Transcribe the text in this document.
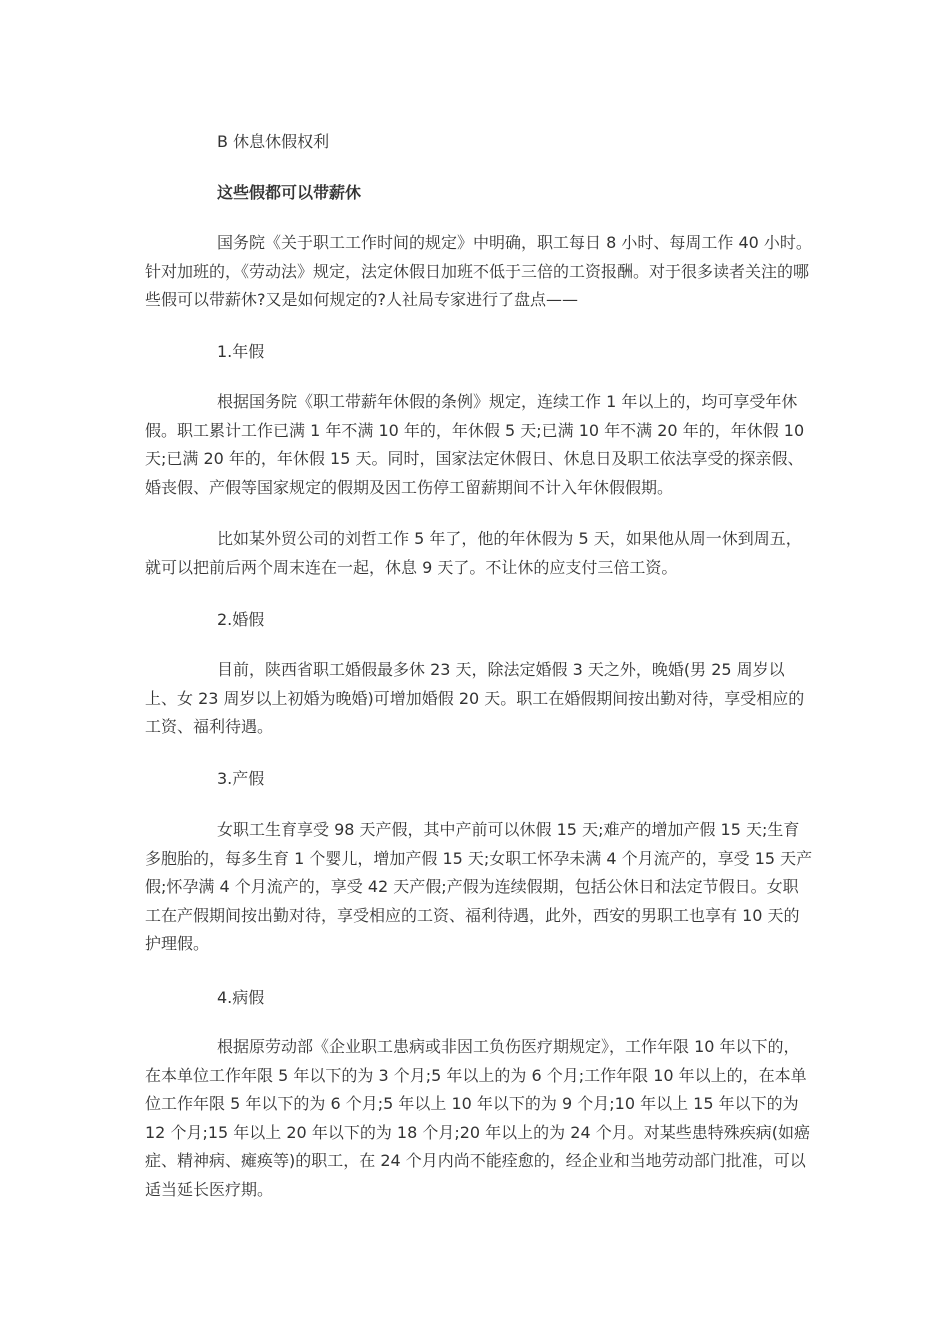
B 休息休假权利

这些假都可以带薪休

国务院《关于职工工作时间的规定》中明确，职工每日 8 小时、每周工作 40 小时。针对加班的，《劳动法》规定，法定休假日加班不低于三倍的工资报酬。对于很多读者关注的哪些假可以带薪休?又是如何规定的?人社局专家进行了盘点——

1.年假

根据国务院《职工带薪年休假的条例》规定，连续工作 1 年以上的，均可享受年休假。职工累计工作已满 1 年不满 10 年的，年休假 5 天;已满 10 年不满 20 年的，年休假 10 天;已满 20 年的，年休假 15 天。同时，国家法定休假日、休息日及职工依法享受的探亲假、婚丧假、产假等国家规定的假期及因工伤停工留薪期间不计入年休假假期。

比如某外贸公司的刘哲工作 5 年了，他的年休假为 5 天，如果他从周一休到周五，就可以把前后两个周末连在一起，休息 9 天了。不让休的应支付三倍工资。

2.婚假

目前，陕西省职工婚假最多休 23 天，除法定婚假 3 天之外，晚婚(男 25 周岁以上、女 23 周岁以上初婚为晚婚)可增加婚假 20 天。职工在婚假期间按出勤对待，享受相应的工资、福利待遇。

3.产假

女职工生育享受 98 天产假，其中产前可以休假 15 天;难产的增加产假 15 天;生育多胞胎的，每多生育 1 个婴儿，增加产假 15 天;女职工怀孕未满 4 个月流产的，享受 15 天产假;怀孕满 4 个月流产的，享受 42 天产假;产假为连续假期，包括公休日和法定节假日。女职工在产假期间按出勤对待，享受相应的工资、福利待遇，此外，西安的男职工也享有 10 天的护理假。

4.病假

根据原劳动部《企业职工患病或非因工负伤医疗期规定》，工作年限 10 年以下的，在本单位工作年限 5 年以下的为 3 个月;5 年以上的为 6 个月;工作年限 10 年以上的，在本单位工作年限 5 年以下的为 6 个月;5 年以上 10 年以下的为 9 个月;10 年以上 15 年以下的为 12 个月;15 年以上 20 年以下的为 18 个月;20 年以上的为 24 个月。对某些患特殊疾病(如癌症、精神病、瘫痪等)的职工，在 24 个月内尚不能痊愈的，经企业和当地劳动部门批准，可以适当延长医疗期。
